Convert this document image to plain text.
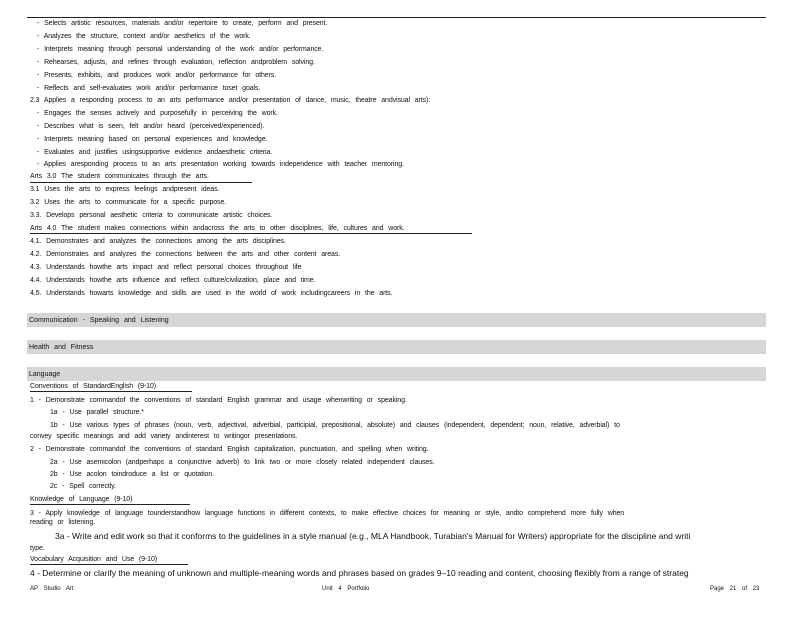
- Selects artistic resources, materials and/or repertoire to create, perform and present.
- Analyzes the structure, context and/or aesthetics of the work.
- Interprets meaning through personal understanding of the work and/or performance.
- Rehearses, adjusts, and refines through evaluation, reflection andproblem solving.
- Presents, exhibits, and produces work and/or performance for others.
- Reflects and self-evaluates work and/or performance toset goals.
2.3 Applies a responding process to an arts performance and/or presentation of dance, music, theatre andvisual arts):
- Engages the senses actively and purposefully in perceiving the work.
- Describes what is seen, felt and/or heard (perceived/experienced).
- Interprets meaning based on personal experiences and knowledge.
- Evaluates and justifies usingsupportive evidence andaesthetic criteria.
- Applies aresponding process to an arts presentation working towards independence with teacher mentoring.
Arts 3.0 The student communicates through the arts.
3.1 Uses the arts to express feelings andpresent ideas.
3.2 Uses the arts to communicate for a specific purpose.
3.3. Develops personal aesthetic criteria to communicate artistic choices.
Arts 4.0 The student makes connections within andacross the arts to other disciplines, life, cultures and work.
4.1. Demonstrates and analyzes the connections among the arts disciplines.
4.2. Demonstrates and analyzes the connections between the arts and other content areas.
4.3. Understands howthe arts impact and reflect personal choices throughout life
4.4. Understands howthe arts influence and reflect culture/civilization, place and time.
4.5. Understands howarts knowledge and skills are used in the world of work includingcareers in the arts.
Communication - Speaking and Listening
Health and Fitness
Language
Conventions of StandardEnglish (9-10)
1 - Demonstrate commandof the conventions of standard English grammar and usage whenwriting or speaking.
1a - Use parallel structure.*
1b - Use various types of phrases (noun, verb, adjectival, adverbial, participial, prepositional, absolute) and clauses (independent, dependent; noun, relative, adverbial) to
convey specific meanings and add variety andinterest to writingor presentations.
2 - Demonstrate commandof the conventions of standard English capitalization, punctuation, and spelling when writing.
2a - Use asemicolon (andperhaps a conjunctive adverb) to link two or more closely related independent clauses.
2b - Use acolon toindroduce a list or quotation.
2c - Spell correctly.
Knowledge of Language (9-10)
3 - Apply knowledge of language tounderstandhow language functions in different contexts, to make effective choices for meaning or style, andto comprehend more fully when
reading or listening.
3a - Write and edit work so that it conforms to the guidelines in a style manual (e.g., MLA Handbook, Turabian's Manual for Writers) appropriate for the discipline and writi
type.
Vocabulary Acquisition and Use (9-10)
4 - Determine or clarify the meaning of unknown and multiple-meaning words and phrases based on grades 9–10 reading and content, choosing flexibly from a range of strateg
AP Studio Art	Unit 4 Portfolio	Page 21 of 23
